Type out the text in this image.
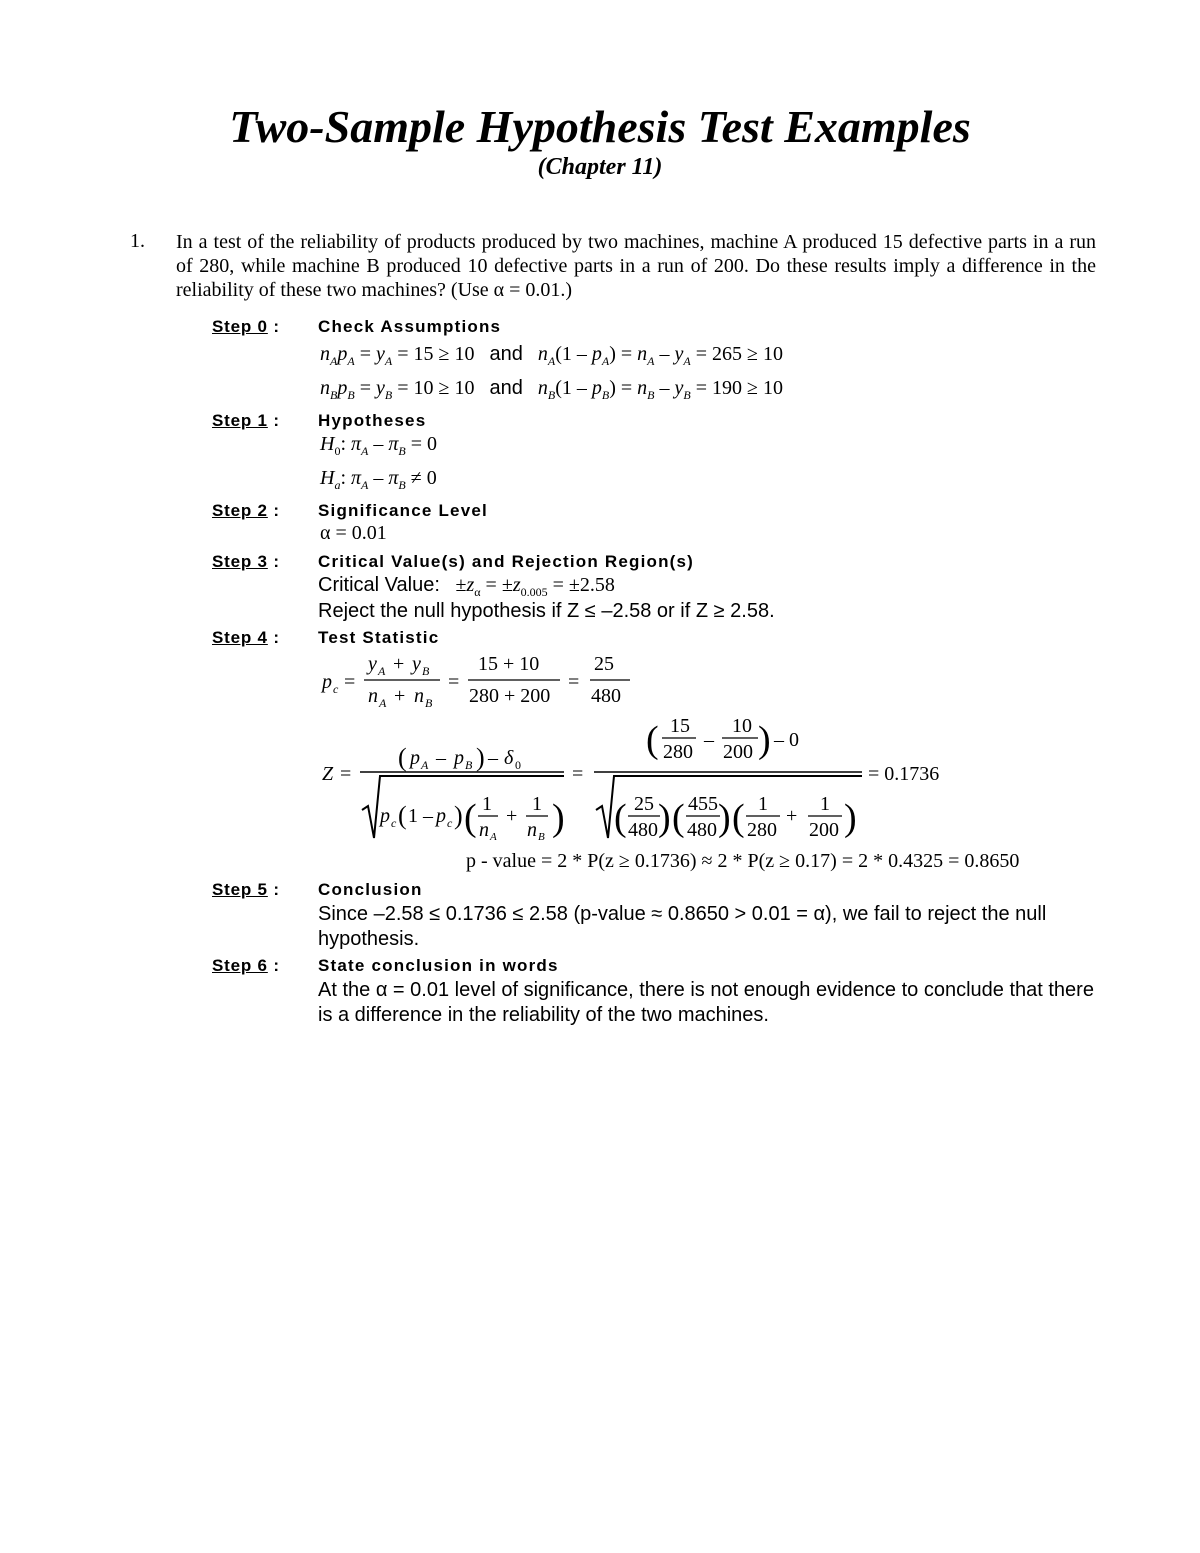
Two-Sample Hypothesis Test Examples
(Chapter 11)
1. In a test of the reliability of products produced by two machines, machine A produced 15 defective parts in a run of 280, while machine B produced 10 defective parts in a run of 200. Do these results imply a difference in the reliability of these two machines? (Use α = 0.01.)
Step 0 : Check Assumptions
$n_Ap_A = y_A = 15 \ge 10$ and $n_A(1 - p_A) = n_A - y_A = 265 \ge 10$
$n_Bp_B = y_B = 10 \ge 10$ and $n_B(1 - p_B) = n_B - y_B = 190 \ge 10$
Step 1 : Hypotheses
$H_0$: $\pi_A - \pi_B = 0$
$H_a$: $\pi_A - \pi_B \ne 0$
Step 2 : Significance Level
α = 0.01
Step 3 : Critical Value(s) and Rejection Region(s)
Critical Value: $\pm z_\alpha = \pm z_{0.005} = \pm 2.58$
Reject the null hypothesis if Z ≤ –2.58 or if Z ≥ 2.58.
Step 4 : Test Statistic
p c =
y A + y B
n A + n B
=
15 + 10
280 + 200
=
25
480
Z =
( p A – p B ) – δ 0
p c ( 1 – p c ) ( 1
n A
+
1
n B )
=
( 15
280
–
10
200 ) – 0
( 25
480 ) ( 455
480 ) ( 1
280
+
1
200 )
= 0.1736
p - value = 2 * P(z ≥ 0.1736) ≈ 2 * P(z ≥ 0.17) = 2 * 0.4325 = 0.8650
Step 5 : Conclusion
Since –2.58 ≤ 0.1736 ≤ 2.58 (p-value ≈ 0.8650 > 0.01 = α), we fail to reject the null hypothesis.
Step 6 : State conclusion in words
At the α = 0.01 level of significance, there is not enough evidence to conclude that there is a difference in the reliability of the two machines.
